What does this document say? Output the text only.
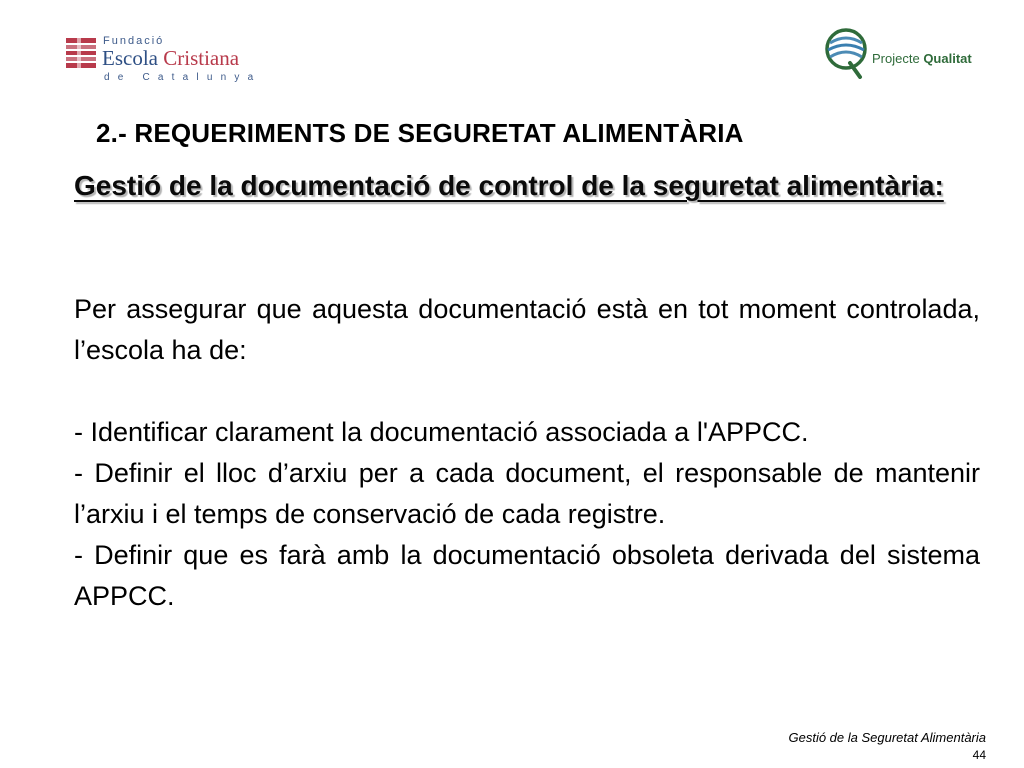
Fundació
Escola Cristiana
de Catalunya
Projecte Qualitat
2.- REQUERIMENTS DE SEGURETAT ALIMENTÀRIA
Gestió de la documentació de control de la seguretat alimentària:
Per assegurar que aquesta documentació està en tot moment controlada, l’escola ha de:

- Identificar clarament la documentació associada a l'APPCC.

- Definir el lloc d’arxiu per a cada document, el responsable de mantenir l’arxiu i el temps de conservació de cada registre.

- Definir que es farà amb la documentació obsoleta derivada del sistema APPCC.

Gestió de la Seguretat Alimentària
44
